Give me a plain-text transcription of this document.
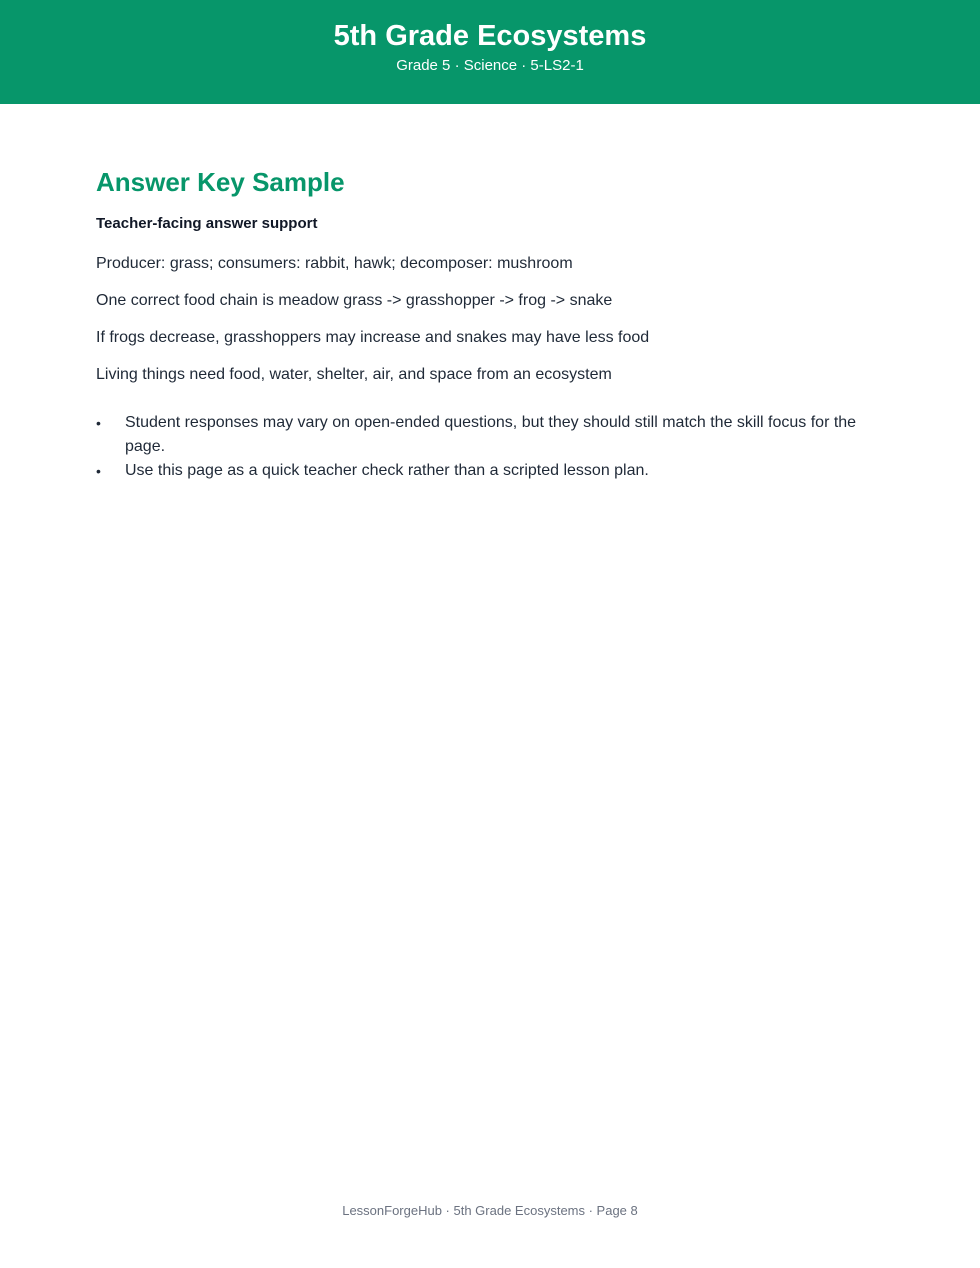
5th Grade Ecosystems
Grade 5 · Science · 5-LS2-1
Answer Key Sample
Teacher-facing answer support
Producer: grass; consumers: rabbit, hawk; decomposer: mushroom
One correct food chain is meadow grass -> grasshopper -> frog -> snake
If frogs decrease, grasshoppers may increase and snakes may have less food
Living things need food, water, shelter, air, and space from an ecosystem
• Student responses may vary on open-ended questions, but they should still match the skill focus for the page.
• Use this page as a quick teacher check rather than a scripted lesson plan.
LessonForgeHub · 5th Grade Ecosystems · Page 8
